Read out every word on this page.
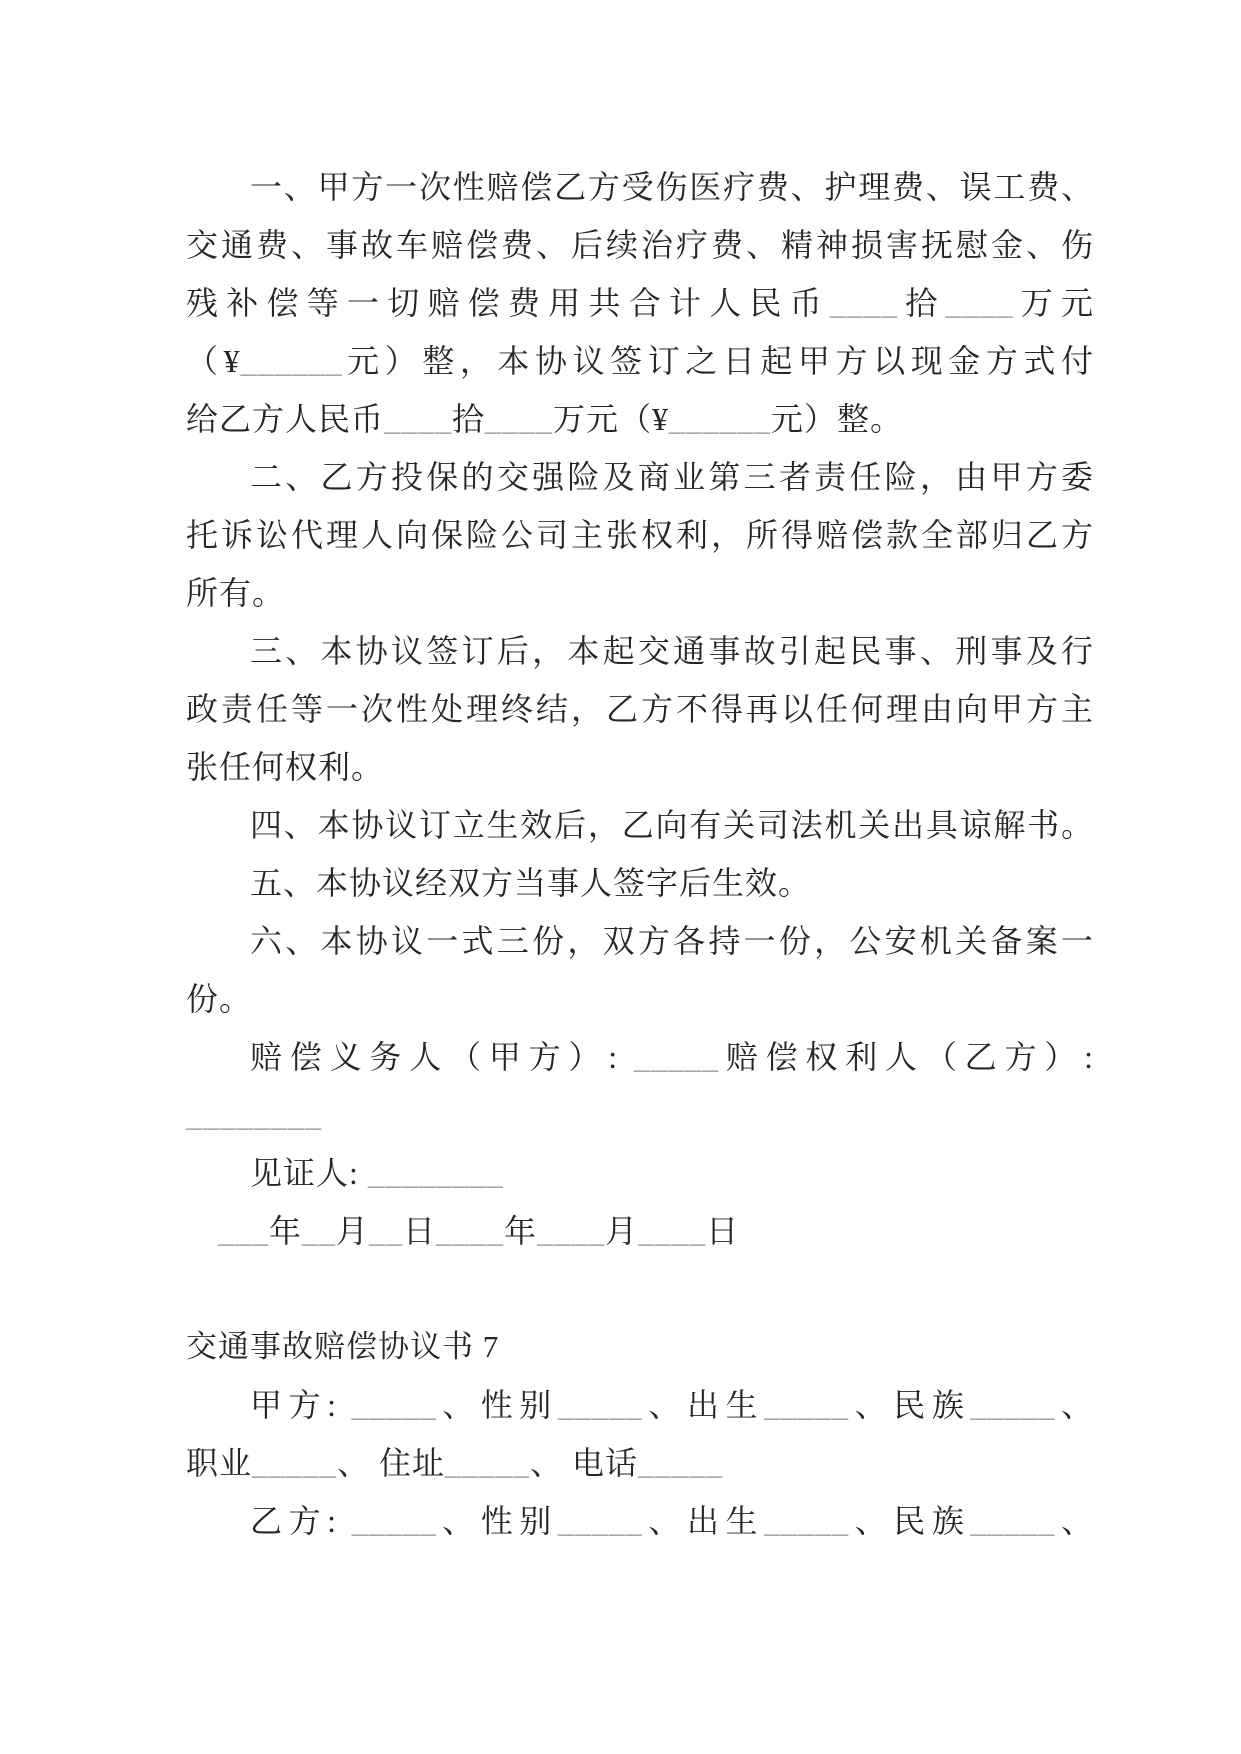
一、甲方一次性赔偿乙方受伤医疗费、护理费、误工费、
交通费、事故车赔偿费、后续治疗费、精神损害抚慰金、伤
残补偿等一切赔偿费用共合计人民币____拾____万元
（¥______元）整，本协议签订之日起甲方以现金方式付
给乙方人民币____拾____万元（¥______元）整。
二、乙方投保的交强险及商业第三者责任险，由甲方委
托诉讼代理人向保险公司主张权利，所得赔偿款全部归乙方
所有。
三、本协议签订后，本起交通事故引起民事、刑事及行
政责任等一次性处理终结，乙方不得再以任何理由向甲方主
张任何权利。
四、本协议订立生效后，乙向有关司法机关出具谅解书。
五、本协议经双方当事人签字后生效。
六、本协议一式三份，双方各持一份，公安机关备案一
份。
赔偿义务人（甲方）: _____赔偿权利人（乙方）:
________
见证人: ________
___年__月__日____年____月____日
交通事故赔偿协议书 7
甲方: _____、性别_____、出生_____、民族_____、
职业_____、 住址_____、 电话_____
乙方: _____、性别_____、出生_____、民族_____、
